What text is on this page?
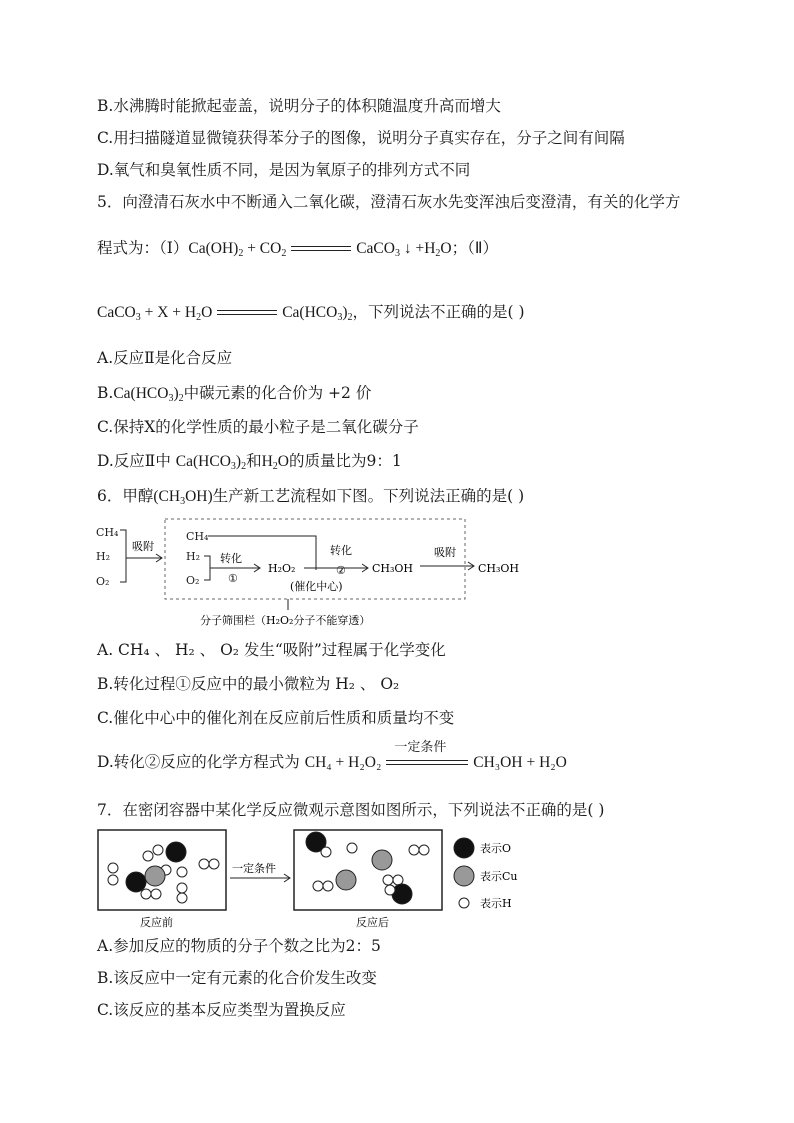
B.水沸腾时能掀起壶盖，说明分子的体积随温度升高而增大
C.用扫描隧道显微镜获得苯分子的图像，说明分子真实存在，分子之间有间隔
D.氧气和臭氧性质不同，是因为氧原子的排列方式不同
5．向澄清石灰水中不断通入二氧化碳，澄清石灰水先变浑浊后变澄清，有关的化学方
程式为：$(Ⅰ)Ca(OH)_2 + CO_2$	CaCO$_3$ ↓ $+H_2O$；（Ⅱ）
CaCO$_3$ + $X + H_2O$	$Ca(HCO_3)_2$，下列说法不正确的是( )
A.反应Ⅱ是化合反应
$B.Ca(HCO_3)_2$中碳元素的化合价为 +2 价
C.保持X的化学性质的最小粒子是二氧化碳分子
D.反应Ⅱ中 $Ca(HCO_3)_2$和$H_2O$的质量比为9：1
6．甲醇$(CH_3OH)$生产新工艺流程如下图。下列说法正确的是( )
CH₄
H₂
O₂
吸附
CH₄
H₂
O₂
转化
①
H₂O₂
转化
②
(催化中心)
CH₃OH
吸附
CH₃OH
分子筛围栏（H₂O₂分子不能穿透）
A. CH₄ 、 H₂ 、 O₂ 发生“吸附”过程属于化学变化
B.转化过程①反应中的最小微粒为 H₂ 、 O₂
C.催化中心中的催化剂在反应前后性质和质量均不变
D.转化②反应的化学方程式为 CH₄ + H₂O₂
一定条件
CH₃OH + H₂O
7．在密闭容器中某化学反应微观示意图如图所示，下列说法不正确的是( )
反应前
一定条件
反应后
表示O
表示Cu
表示H
A.参加反应的物质的分子个数之比为2：5
B.该反应中一定有元素的化合价发生改变
C.该反应的基本反应类型为置换反应
